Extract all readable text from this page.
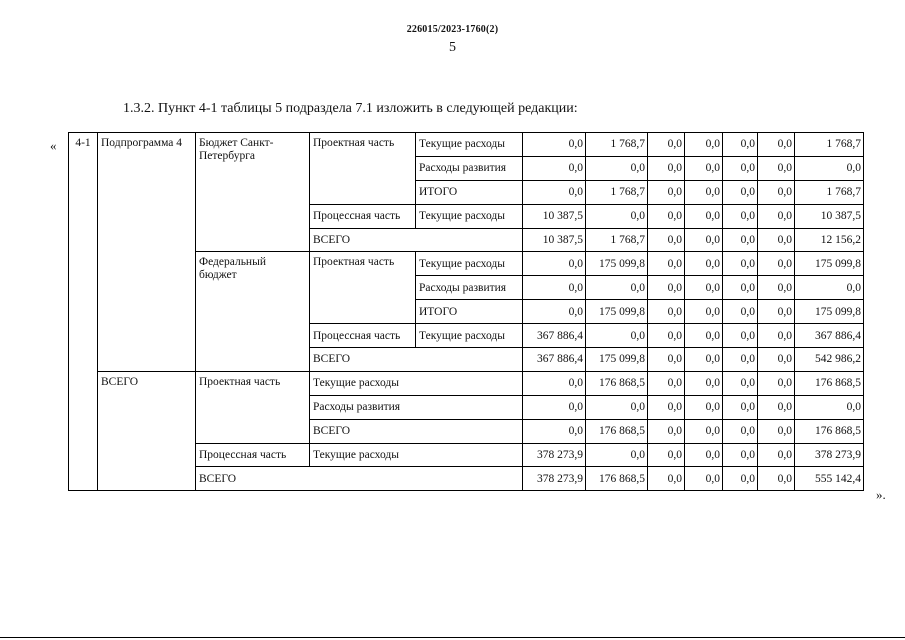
226015/2023-1760(2)
5
1.3.2. Пункт 4-1 таблицы 5 подраздела 7.1 изложить в следующей редакции:
«
».
4-1	Подпрограмма 4	Бюджет Санкт-Петербурга	Проектная часть	Текущие расходы	0,0	1 768,7	0,0	0,0	0,0	0,0	1 768,7
				Расходы развития	0,0	0,0	0,0	0,0	0,0	0,0	0,0
				ИТОГО	0,0	1 768,7	0,0	0,0	0,0	0,0	1 768,7
			Процессная часть	Текущие расходы	10 387,5	0,0	0,0	0,0	0,0	0,0	10 387,5
			ВСЕГО		10 387,5	1 768,7	0,0	0,0	0,0	0,0	12 156,2
		Федеральный бюджет	Проектная часть	Текущие расходы	0,0	175 099,8	0,0	0,0	0,0	0,0	175 099,8
				Расходы развития	0,0	0,0	0,0	0,0	0,0	0,0	0,0
				ИТОГО	0,0	175 099,8	0,0	0,0	0,0	0,0	175 099,8
			Процессная часть	Текущие расходы	367 886,4	0,0	0,0	0,0	0,0	0,0	367 886,4
			ВСЕГО		367 886,4	175 099,8	0,0	0,0	0,0	0,0	542 986,2
	ВСЕГО	Проектная часть	Текущие расходы		0,0	176 868,5	0,0	0,0	0,0	0,0	176 868,5
			Расходы развития		0,0	0,0	0,0	0,0	0,0	0,0	0,0
			ВСЕГО		0,0	176 868,5	0,0	0,0	0,0	0,0	176 868,5
		Процессная часть	Текущие расходы		378 273,9	0,0	0,0	0,0	0,0	0,0	378 273,9
		ВСЕГО			378 273,9	176 868,5	0,0	0,0	0,0	0,0	555 142,4
